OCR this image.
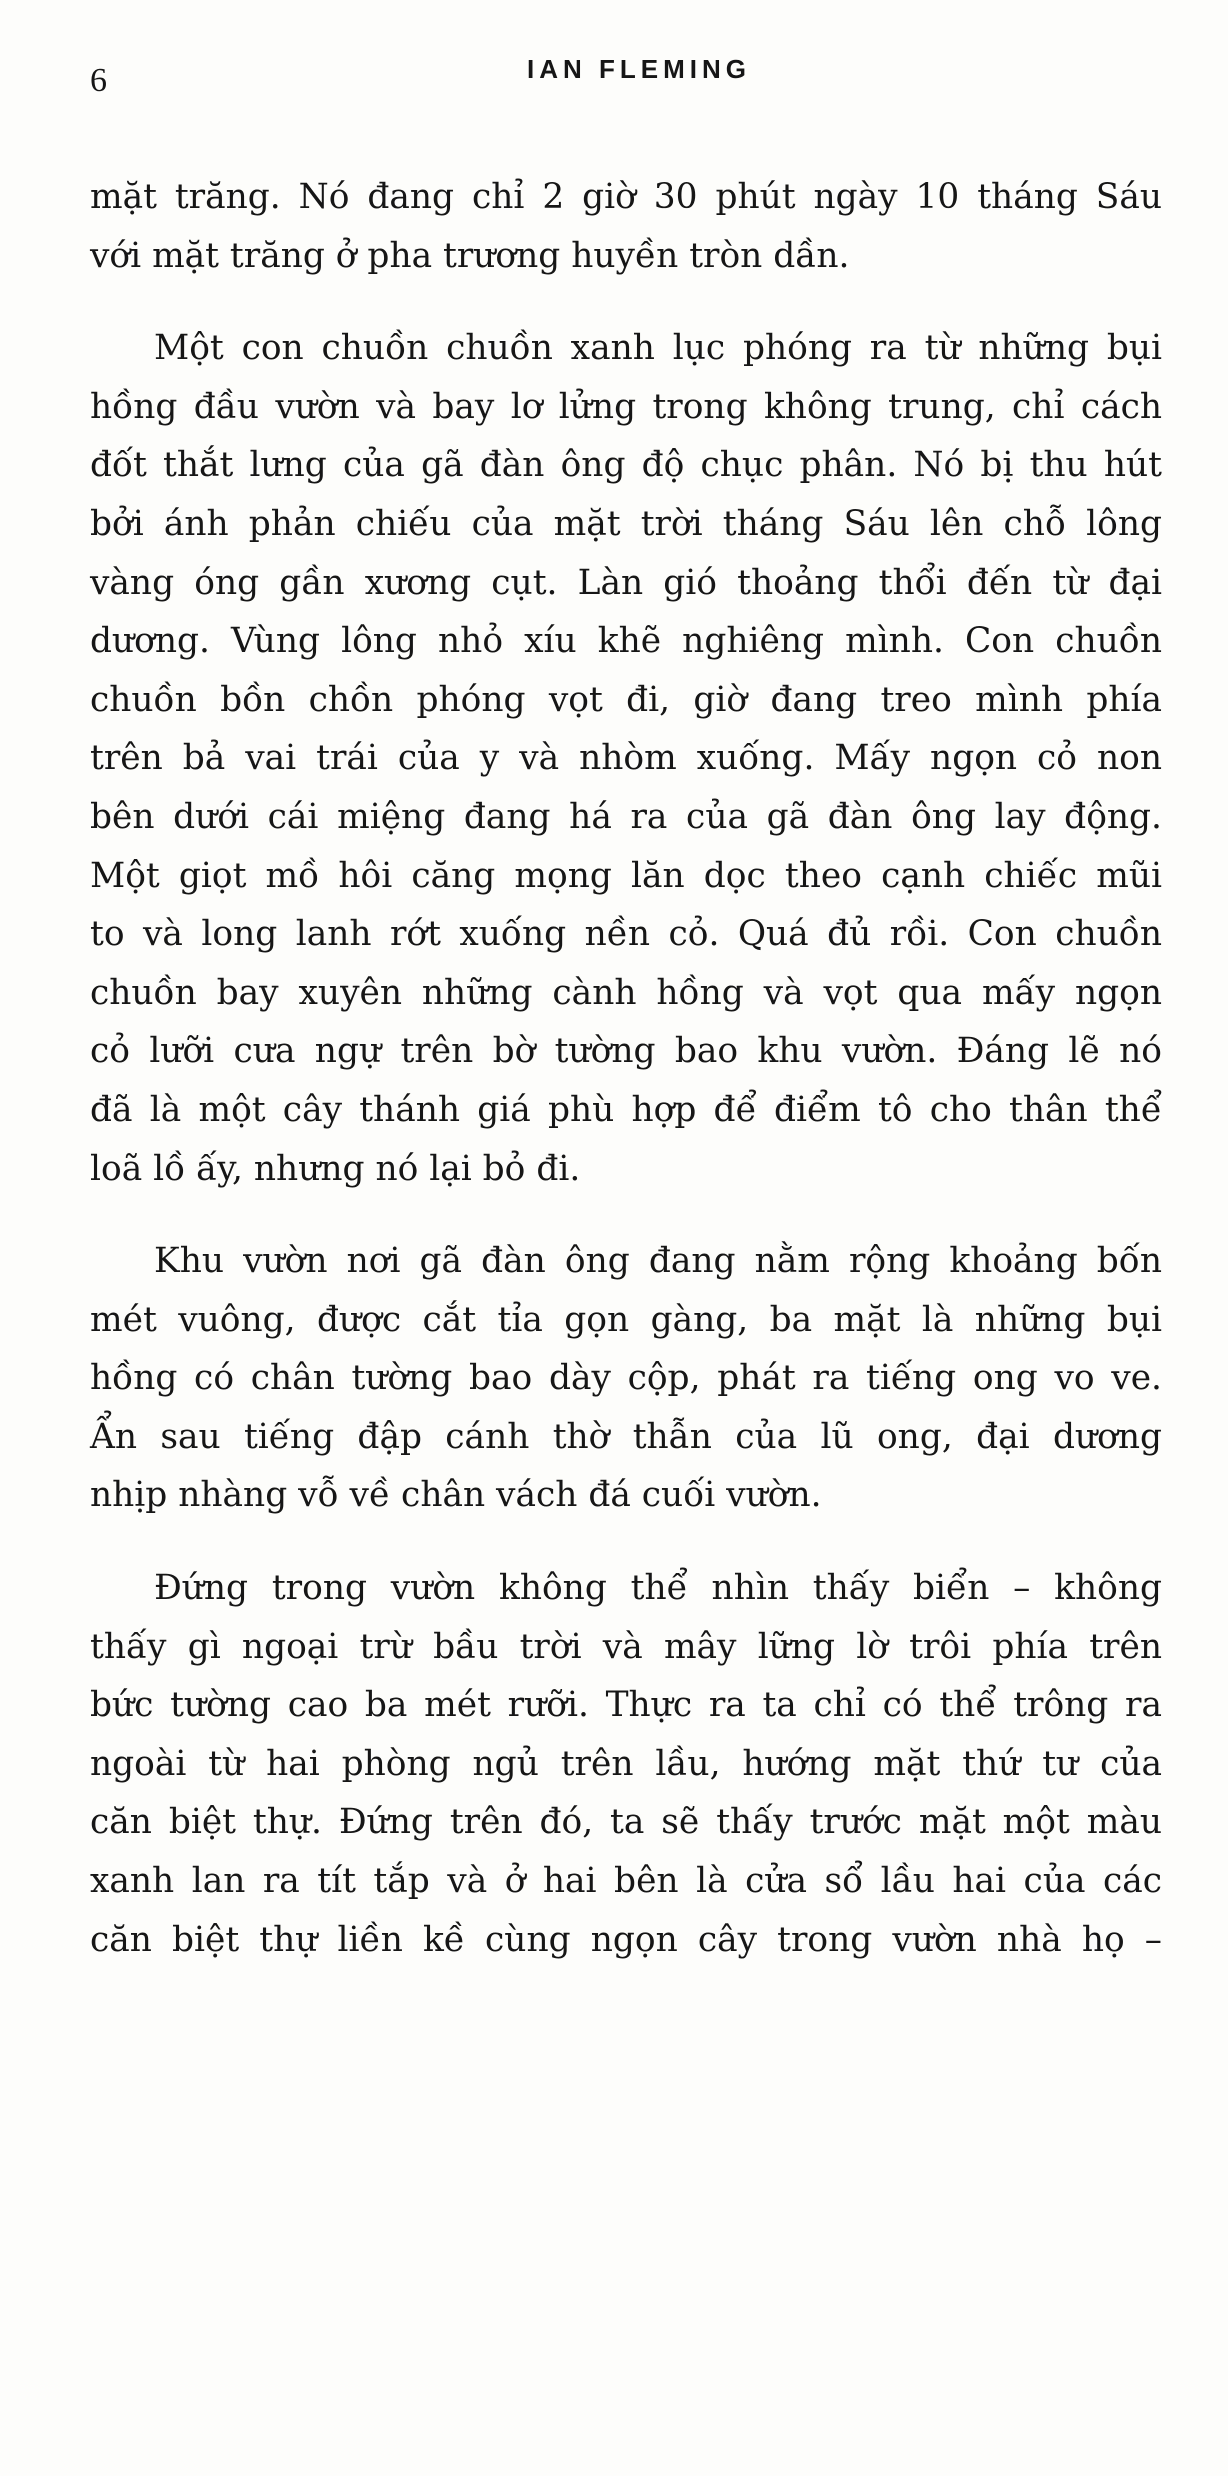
6	IAN FLEMING
mặt trăng. Nó đang chỉ 2 giờ 30 phút ngày 10 tháng Sáu
với mặt trăng ở pha trương huyền tròn dần.
Một con chuồn chuồn xanh lục phóng ra từ những bụi
hồng đầu vườn và bay lơ lửng trong không trung, chỉ cách
đốt thắt lưng của gã đàn ông độ chục phân. Nó bị thu hút
bởi ánh phản chiếu của mặt trời tháng Sáu lên chỗ lông
vàng óng gần xương cụt. Làn gió thoảng thổi đến từ đại
dương. Vùng lông nhỏ xíu khẽ nghiêng mình. Con chuồn
chuồn bồn chồn phóng vọt đi, giờ đang treo mình phía
trên bả vai trái của y và nhòm xuống. Mấy ngọn cỏ non
bên dưới cái miệng đang há ra của gã đàn ông lay động.
Một giọt mồ hôi căng mọng lăn dọc theo cạnh chiếc mũi
to và long lanh rớt xuống nền cỏ. Quá đủ rồi. Con chuồn
chuồn bay xuyên những cành hồng và vọt qua mấy ngọn
cỏ lưỡi cưa ngự trên bờ tường bao khu vườn. Đáng lẽ nó
đã là một cây thánh giá phù hợp để điểm tô cho thân thể
loã lồ ấy, nhưng nó lại bỏ đi.
Khu vườn nơi gã đàn ông đang nằm rộng khoảng bốn
mét vuông, được cắt tỉa gọn gàng, ba mặt là những bụi
hồng có chân tường bao dày cộp, phát ra tiếng ong vo ve.
Ẩn sau tiếng đập cánh thờ thẫn của lũ ong, đại dương
nhịp nhàng vỗ về chân vách đá cuối vườn.
Đứng trong vườn không thể nhìn thấy biển – không
thấy gì ngoại trừ bầu trời và mây lững lờ trôi phía trên
bức tường cao ba mét rưỡi. Thực ra ta chỉ có thể trông ra
ngoài từ hai phòng ngủ trên lầu, hướng mặt thứ tư của
căn biệt thự. Đứng trên đó, ta sẽ thấy trước mặt một màu
xanh lan ra tít tắp và ở hai bên là cửa sổ lầu hai của các
căn biệt thự liền kề cùng ngọn cây trong vườn nhà họ –
